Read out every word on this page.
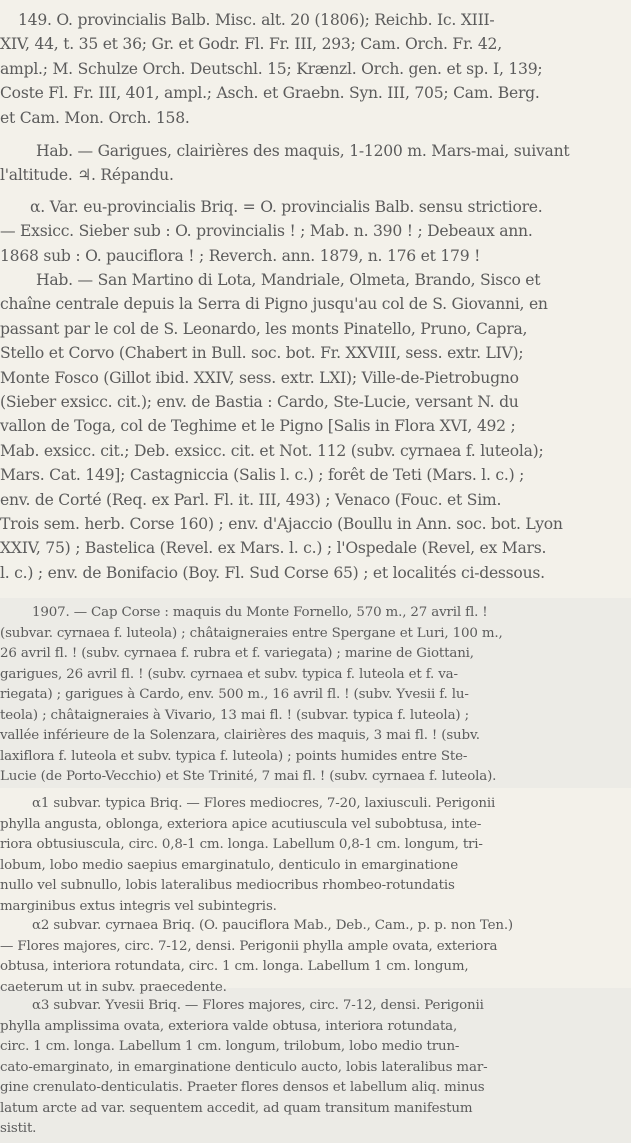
149. O. provincialis Balb. Misc. alt. 20 (1806); Reichb. Ic. XIII-
XIV, 44, t. 35 et 36; Gr. et Godr. Fl. Fr. III, 293; Cam. Orch. Fr. 42,
ampl.; M. Schulze Orch. Deutschl. 15; Krænzl. Orch. gen. et sp. I, 139;
Coste Fl. Fr. III, 401, ampl.; Asch. et Graebn. Syn. III, 705; Cam. Berg.
et Cam. Mon. Orch. 158.
Hab. — Garigues, clairières des maquis, 1-1200 m. Mars-mai, suivant
l'altitude. ♃. Répandu.
α. Var. eu-provincialis Briq. = O. provincialis Balb. sensu strictiore.
— Exsicc. Sieber sub : O. provincialis ! ; Mab. n. 390 ! ; Debeaux ann.
1868 sub : O. pauciflora ! ; Reverch. ann. 1879, n. 176 et 179 !
Hab. — San Martino di Lota, Mandriale, Olmeta, Brando, Sisco et
chaîne centrale depuis la Serra di Pigno jusqu'au col de S. Giovanni, en
passant par le col de S. Leonardo, les monts Pinatello, Pruno, Capra,
Stello et Corvo (Chabert in Bull. soc. bot. Fr. XXVIII, sess. extr. LIV);
Monte Fosco (Gillot ibid. XXIV, sess. extr. LXI); Ville-de-Pietrobugno
(Sieber exsicc. cit.); env. de Bastia : Cardo, Ste-Lucie, versant N. du
vallon de Toga, col de Teghime et le Pigno [Salis in Flora XVI, 492 ;
Mab. exsicc. cit.; Deb. exsicc. cit. et Not. 112 (subv. cyrnaea f. luteola);
Mars. Cat. 149]; Castagniccia (Salis l. c.) ; forêt de Teti (Mars. l. c.) ;
env. de Corté (Req. ex Parl. Fl. it. III, 493) ; Venaco (Fouc. et Sim.
Trois sem. herb. Corse 160) ; env. d'Ajaccio (Boullu in Ann. soc. bot. Lyon
XXIV, 75) ; Bastelica (Revel. ex Mars. l. c.) ; l'Ospedale (Revel, ex Mars.
l. c.) ; env. de Bonifacio (Boy. Fl. Sud Corse 65) ; et localités ci-dessous.
1907. — Cap Corse : maquis du Monte Fornello, 570 m., 27 avril fl. !
(subvar. cyrnaea f. luteola) ; châtaigneraies entre Spergane et Luri, 100 m.,
26 avril fl. ! (subv. cyrnaea f. rubra et f. variegata) ; marine de Giottani,
garigues, 26 avril fl. ! (subv. cyrnaea et subv. typica f. luteola et f. va-
riegata) ; garigues à Cardo, env. 500 m., 16 avril fl. ! (subv. Yvesii f. lu-
teola) ; châtaigneraies à Vivario, 13 mai fl. ! (subvar. typica f. luteola) ;
vallée inférieure de la Solenzara, clairières des maquis, 3 mai fl. ! (subv.
laxiflora f. luteola et subv. typica f. luteola) ; points humides entre Ste-
Lucie (de Porto-Vecchio) et Ste Trinité, 7 mai fl. ! (subv. cyrnaea f. luteola).
α1 subvar. typica Briq. — Flores mediocres, 7-20, laxiusculi. Perigonii
phylla angusta, oblonga, exteriora apice acutiuscula vel subobtusa, inte-
riora obtusiuscula, circ. 0,8-1 cm. longa. Labellum 0,8-1 cm. longum, tri-
lobum, lobo medio saepius emarginatulo, denticulo in emarginatione
nullo vel subnullo, lobis lateralibus mediocribus rhombeo-rotundatis
marginibus extus integris vel subintegris.
α2 subvar. cyrnaea Briq. (O. pauciflora Mab., Deb., Cam., p. p. non Ten.)
— Flores majores, circ. 7-12, densi. Perigonii phylla ample ovata, exteriora
obtusa, interiora rotundata, circ. 1 cm. longa. Labellum 1 cm. longum,
caeterum ut in subv. praecedente.
α3 subvar. Yvesii Briq. — Flores majores, circ. 7-12, densi. Perigonii
phylla amplissima ovata, exteriora valde obtusa, interiora rotundata,
circ. 1 cm. longa. Labellum 1 cm. longum, trilobum, lobo medio trun-
cato-emarginato, in emarginatione denticulo aucto, lobis lateralibus mar-
gine crenulato-denticulatis. Praeter flores densos et labellum aliq. minus
latum arcte ad var. sequentem accedit, ad quam transitum manifestum
sistit.
